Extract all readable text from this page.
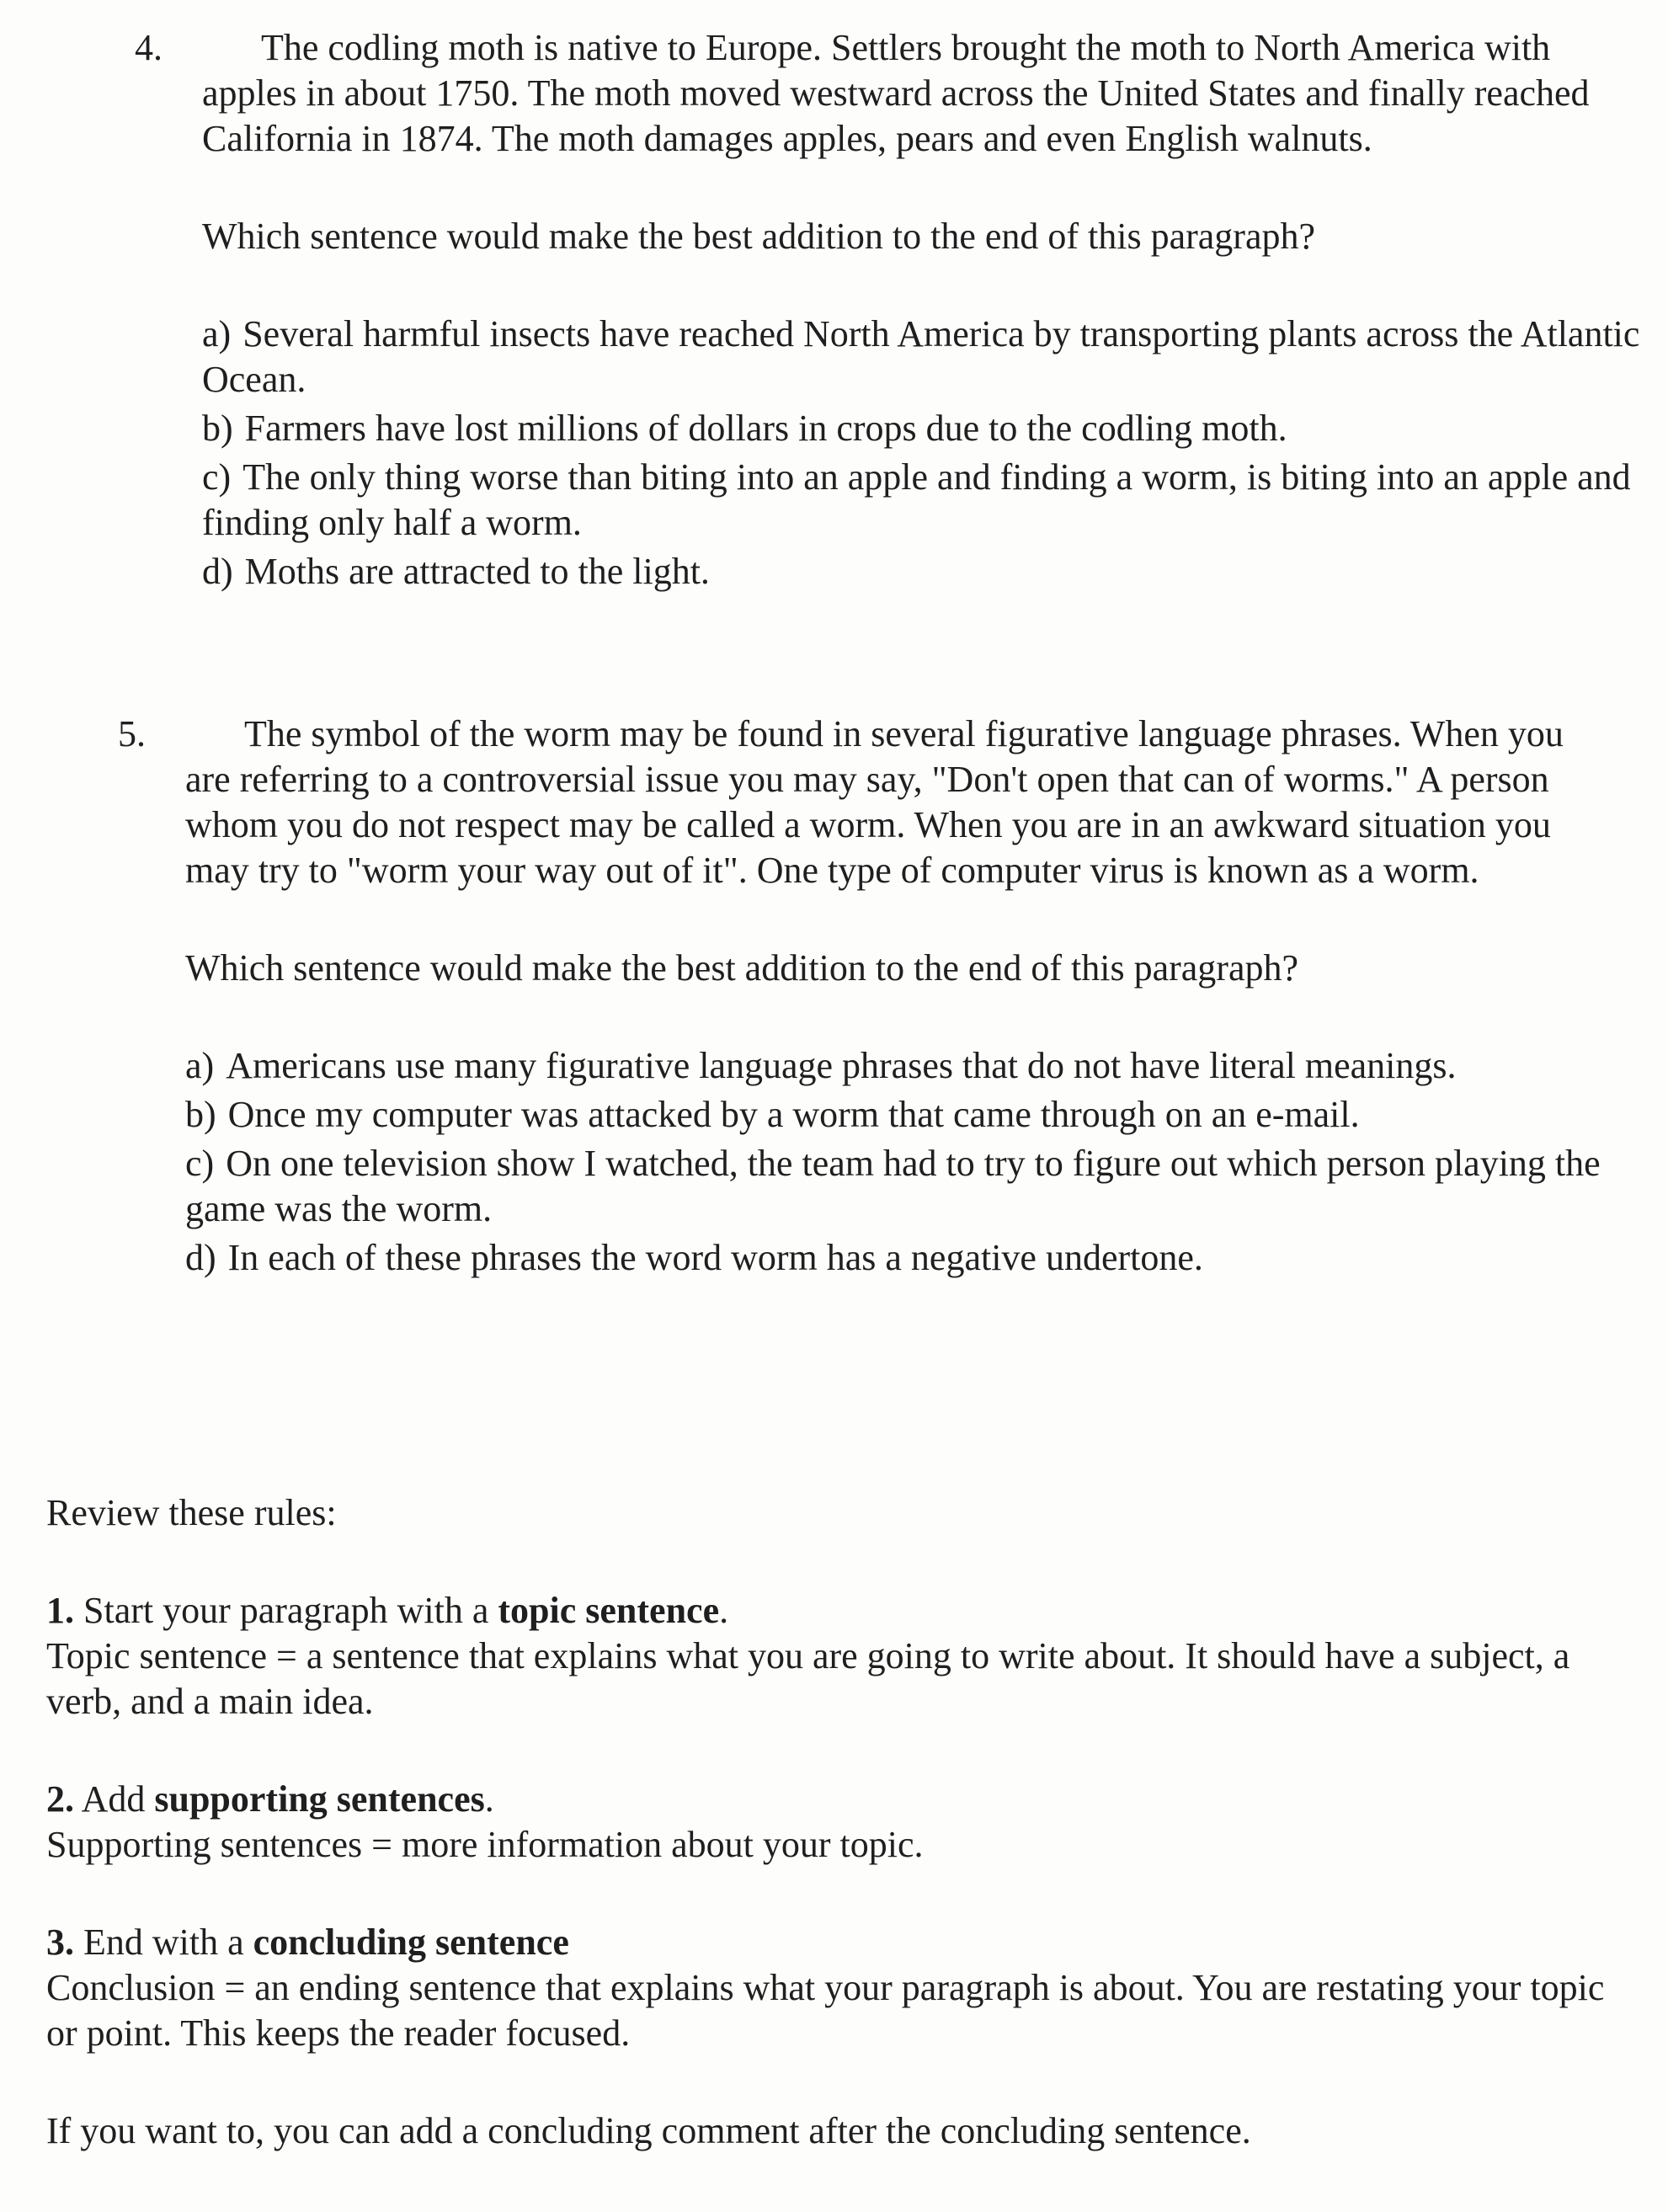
4.	The codling moth is native to Europe. Settlers brought the moth to North America with apples in about 1750. The moth moved westward across the United States and finally reached California in 1874. The moth damages apples, pears and even English walnuts.

Which sentence would make the best addition to the end of this paragraph?

a) Several harmful insects have reached North America by transporting plants across the Atlantic Ocean.
b) Farmers have lost millions of dollars in crops due to the codling moth.
c) The only thing worse than biting into an apple and finding a worm, is biting into an apple and finding only half a worm.
d) Moths are attracted to the light.
5.	The symbol of the worm may be found in several figurative language phrases. When you are referring to a controversial issue you may say, "Don't open that can of worms." A person whom you do not respect may be called a worm. When you are in an awkward situation you may try to "worm your way out of it". One type of computer virus is known as a worm.

Which sentence would make the best addition to the end of this paragraph?

a) Americans use many figurative language phrases that do not have literal meanings.
b) Once my computer was attacked by a worm that came through on an e-mail.
c) On one television show I watched, the team had to try to figure out which person playing the game was the worm.
d) In each of these phrases the word worm has a negative undertone.

Review these rules:

1. Start your paragraph with a topic sentence.

Topic sentence = a sentence that explains what you are going to write about. It should have a subject, a verb, and a main idea.

2. Add supporting sentences.

Supporting sentences = more information about your topic.

3. End with a concluding sentence

Conclusion = an ending sentence that explains what your paragraph is about. You are restating your topic or point. This keeps the reader focused.

If you want to, you can add a concluding comment after the concluding sentence.
